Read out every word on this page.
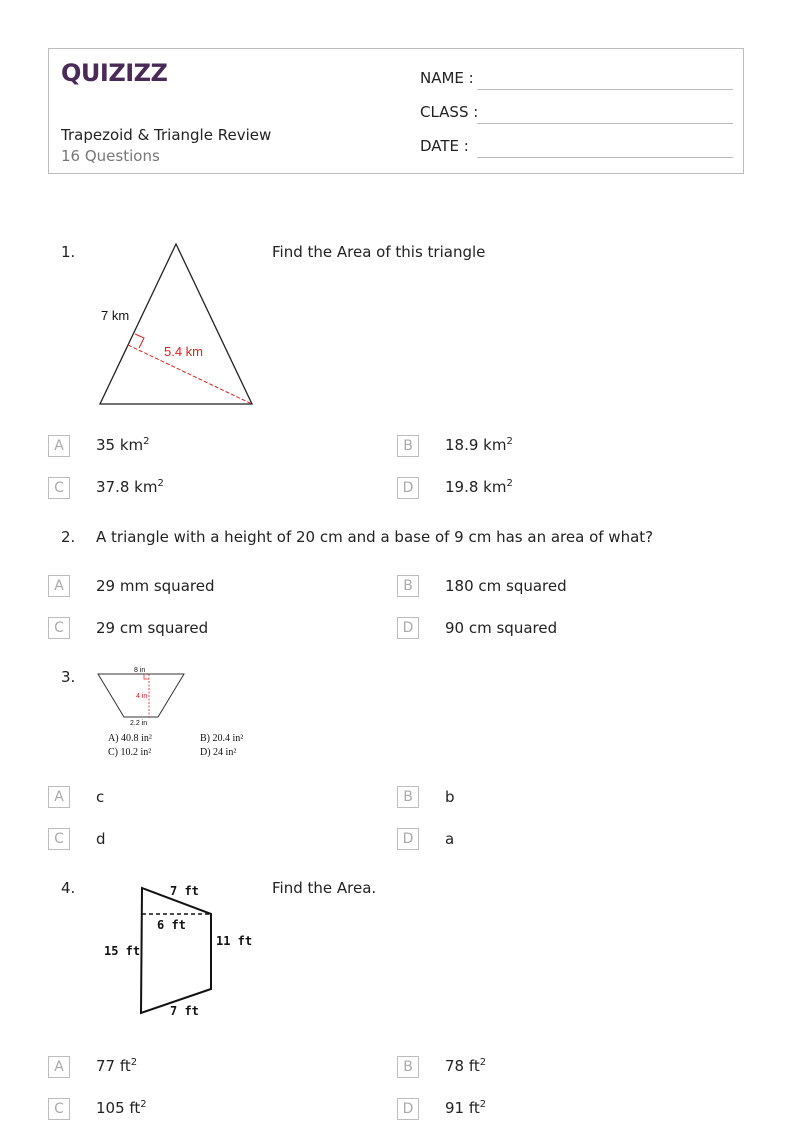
QUIZIZZ
Trapezoid & Triangle Review
16 Questions
NAME :
CLASS :
DATE :
1.
7 km
5.4 km
Find the Area of this triangle
A	35 $km^2$	B	18.9 $km^2$
C	37.8 $km^2$	D	19.8 $km^2$
2. A triangle with a height of 20 cm and a base of 9 cm has an area of what?
A	29 mm squared	B	180 cm squared
C	29 cm squared	D	90 cm squared
3.	8 in
4 in
2.2 in
A) 40.8 in²	B) 20.4 in²
C) 10.2 in²	D) 24 in²
A	c	B	b
C	d	D	a
4.	7 ft
6 ft
15 ft
11 ft
7 ft
Find the Area.
A	77 $ft^2$	B	78 $ft^2$
C	105 $ft^2$	D	91 $ft^2$
